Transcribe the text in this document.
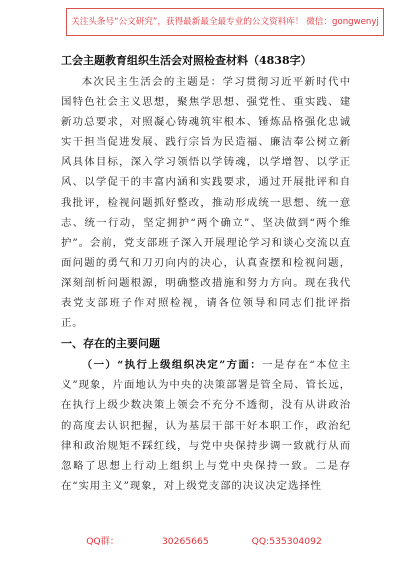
关注头条号“公文研究”，获得最新最全最专业的公文资料库！ 微信：gongwenyj
工会主题教育组织生活会对照检查材料（4838字）

本次民主生活会的主题是：学习贯彻习近平新时代中国特色社会主义思想，聚焦学思想、强党性、重实践、建新功总要求，对照凝心铸魂筑牢根本、锤炼品格强化忠诚实干担当促进发展、践行宗旨为民造福、廉洁奉公树立新风具体目标，深入学习领悟以学铸魂，以学增智、以学正风、以学促干的丰富内涵和实践要求，通过开展批评和自我批评，检视问题抓好整改，推动形成统一思想、统一意志、统一行动，坚定拥护“两个确立”、坚决做到“两个维护”。会前，党支部班子深入开展理论学习和谈心交流以直面问题的勇气和刀刃向内的决心，认真查摆和检视问题，深刻剖析问题根源，明确整改措施和努力方向。现在我代表党支部班子作对照检视，请各位领导和同志们批评指正。

一、存在的主要问题

（一）“执行上级组织决定”方面：一是存在“本位主义”现象，片面地认为中央的决策部署是管全局、管长远，在执行上级少数决策上领会不充分不透彻，没有从讲政治的高度去认识把握，认为基层干部干好本职工作，政治纪律和政治规矩不踩红线，与党中央保持步调一致就行从而忽略了思想上行动上组织上与党中央保持一致。二是存在“实用主义”现象，对上级党支部的决议决定选择性

QQ群： 30265665	QQ:535304092
